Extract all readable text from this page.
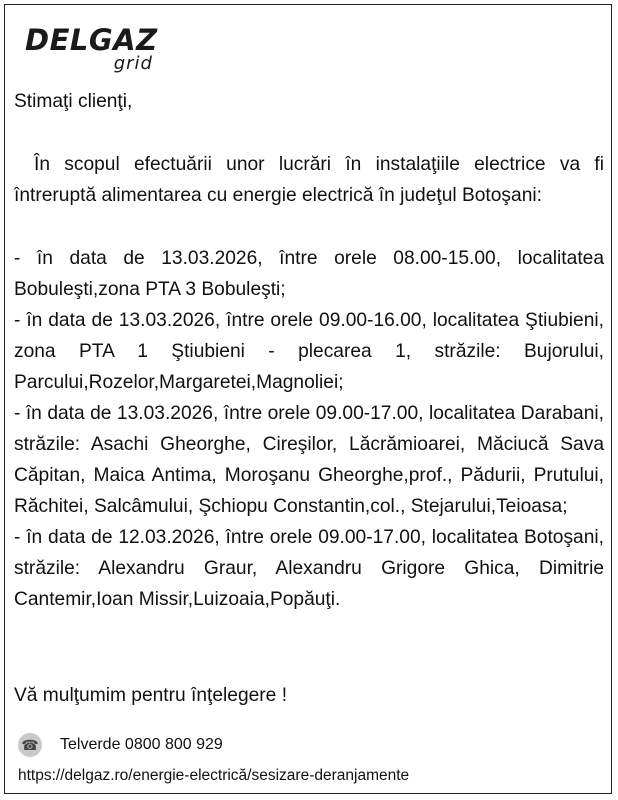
DELGAZ
grid
Stimaţi clienţi,
În scopul efectuării unor lucrări în instalaţiile electrice va fi întreruptă alimentarea cu energie electrică în judeţul Botoşani:

- în data de 13.03.2026, între orele 08.00-15.00, localitatea Bobuleşti,zona PTA 3 Bobuleşti;

- în data de 13.03.2026, între orele 09.00-16.00, localitatea Ştiubieni, zona PTA 1 Ştiubieni - plecarea 1, străzile: Bujorului, Parcului,Rozelor,Margaretei,Magnoliei;

- în data de 13.03.2026, între orele 09.00-17.00, localitatea Darabani, străzile: Asachi Gheorghe, Cireşilor, Lăcrămioarei, Măciucă Sava Căpitan, Maica Antima, Moroşanu Gheorghe,prof., Pădurii, Prutului, Răchitei, Salcâmului, Şchiopu Constantin,col., Stejarului,Teioasa;

- în data de 12.03.2026, între orele 09.00-17.00, localitatea Botoşani, străzile: Alexandru Graur, Alexandru Grigore Ghica, Dimitrie Cantemir,Ioan Missir,Luizoaia,Popăuţi.

Vă mulţumim pentru înţelegere !
☎ Telverde 0800 800 929
https://delgaz.ro/energie-electrică/sesizare-deranjamente
